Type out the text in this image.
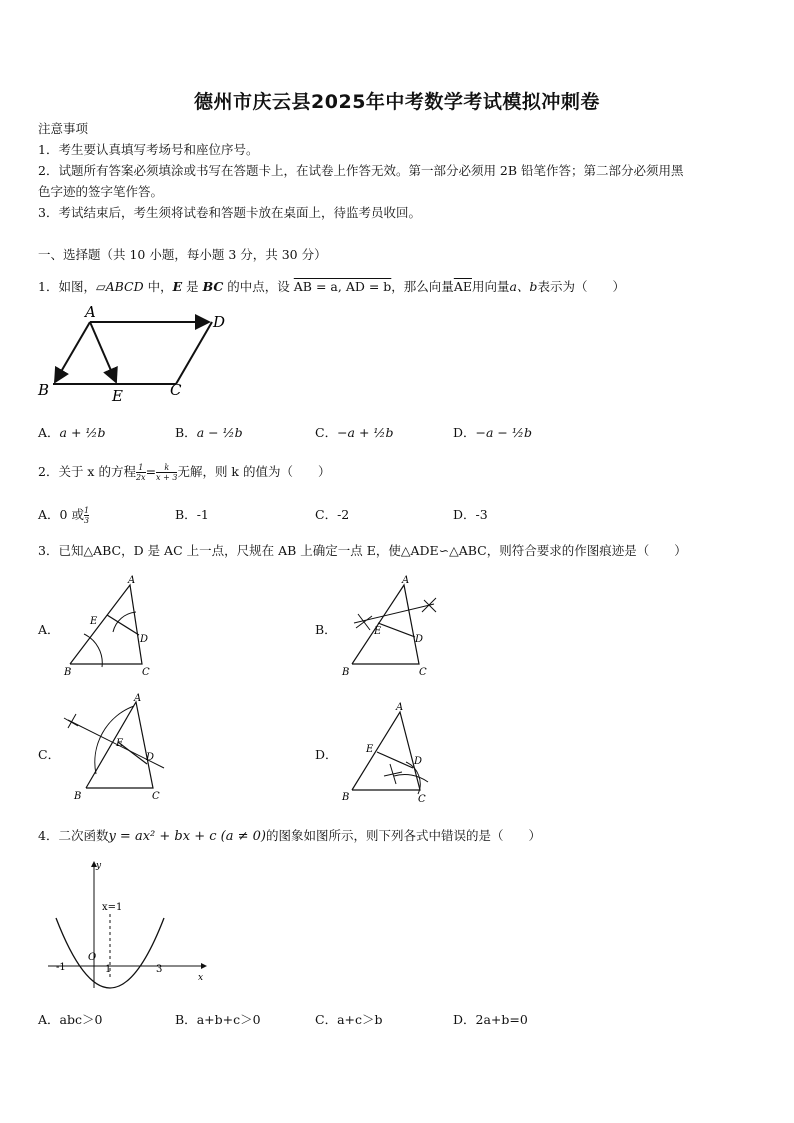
德州市庆云县2025年中考数学考试模拟冲刺卷
注意事项
1．考生要认真填写考场号和座位序号。
2．试题所有答案必须填涂或书写在答题卡上，在试卷上作答无效。第一部分必须用 2B 铅笔作答；第二部分必须用黑
色字迹的签字笔作答。
3．考试结束后，考生须将试卷和答题卡放在桌面上，待监考员收回。
一、选择题（共 10 小题，每小题 3 分，共 30 分）
1．如图，▱ABCD 中，E 是 BC 的中点，设 AB = a, AD = b，那么向量$\overline{AE}$用向量a、b表示为（　　）
A
D
B	E	C
A．a + ½b	B．a − ½b	C．−a + ½b	D．−a − ½b
2．关于 x 的方程 $\frac{1}{2x} = \frac{k}{x + 3}$ 无解，则 k 的值为（　　）
A．0 或 $\frac{1}{3}$	B．-1	C．-2	D．-3
3．已知△ABC，D 是 AC 上一点，尺规在 AB 上确定一点 E，使△ADE∽△ABC，则符合要求的作图痕迹是（　　）
A．
A
B	C
D
E
B．
A
B	C
D
E
C．
A
B	C
D
E
D．
A
B	C
D
E
4．二次函数y = ax² + bx + c (a ≠ 0)的图象如图所示，则下列各式中错误的是（　　）
y
x
O
x=1
-1	1	3
A．abc＞0	B．a+b+c＞0	C．a+c＞b	D．2a+b=0
